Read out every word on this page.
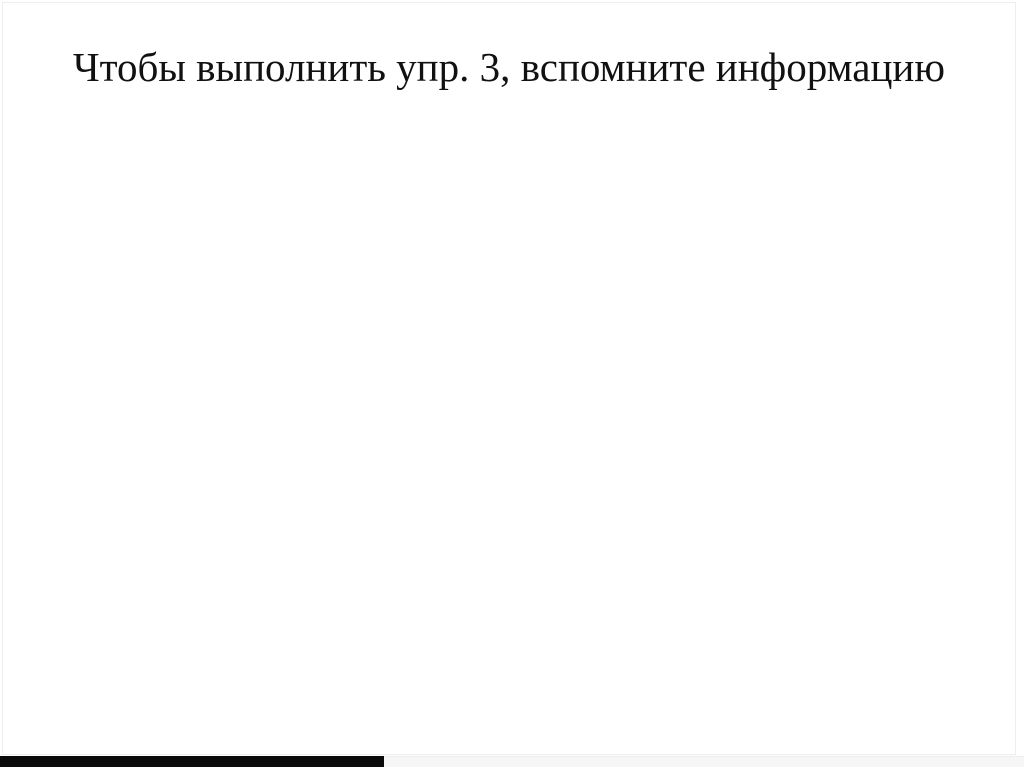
Чтобы выполнить упр. 3, вспомните информацию
